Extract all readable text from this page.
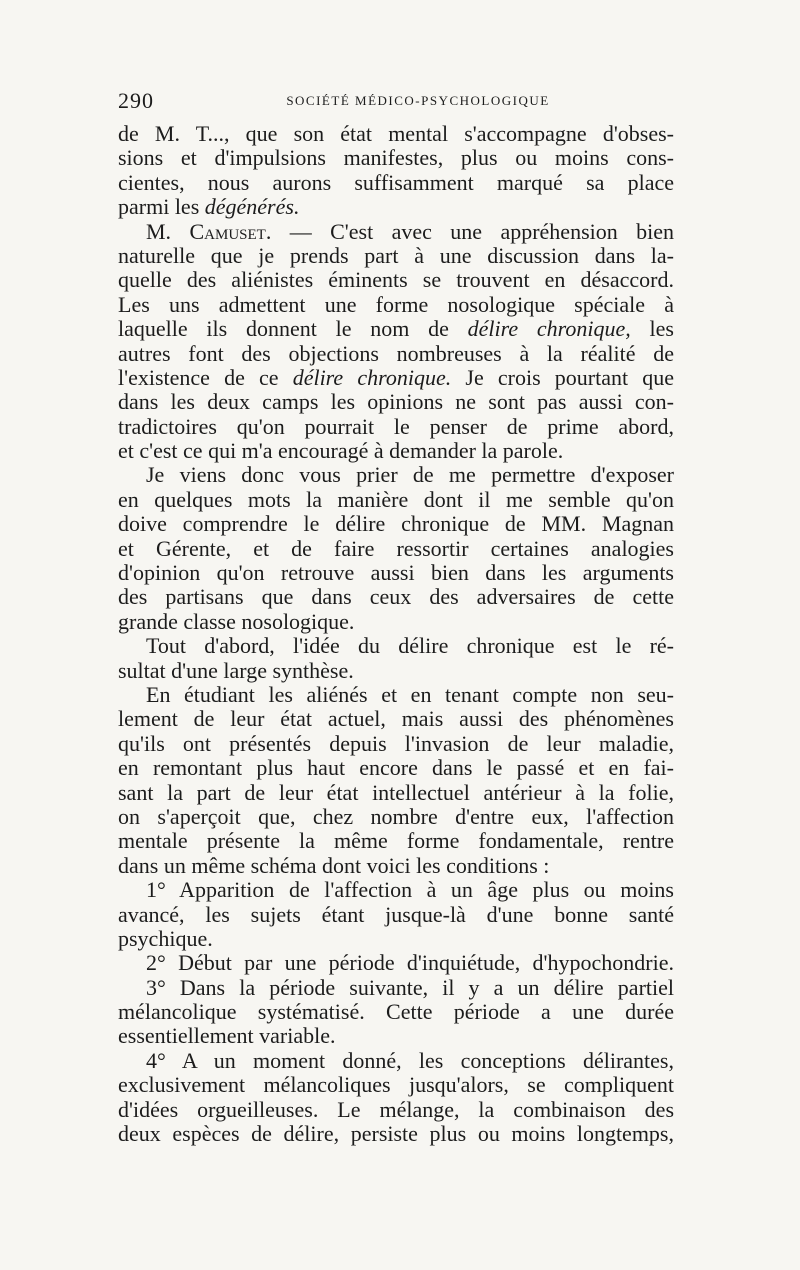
290	SOCIÉTÉ MÉDICO-PSYCHOLOGIQUE
de M. T..., que son état mental s'accompagne d'obses-
sions et d'impulsions manifestes, plus ou moins cons-
cientes, nous aurons suffisamment marqué sa place
parmi les dégénérés.
M. Camuset. — C'est avec une appréhension bien
naturelle que je prends part à une discussion dans la-
quelle des aliénistes éminents se trouvent en désaccord.
Les uns admettent une forme nosologique spéciale à
laquelle ils donnent le nom de délire chronique, les
autres font des objections nombreuses à la réalité de
l'existence de ce délire chronique. Je crois pourtant que
dans les deux camps les opinions ne sont pas aussi con-
tradictoires qu'on pourrait le penser de prime abord,
et c'est ce qui m'a encouragé à demander la parole.
Je viens donc vous prier de me permettre d'exposer
en quelques mots la manière dont il me semble qu'on
doive comprendre le délire chronique de MM. Magnan
et Gérente, et de faire ressortir certaines analogies
d'opinion qu'on retrouve aussi bien dans les arguments
des partisans que dans ceux des adversaires de cette
grande classe nosologique.
Tout d'abord, l'idée du délire chronique est le ré-
sultat d'une large synthèse.
En étudiant les aliénés et en tenant compte non seu-
lement de leur état actuel, mais aussi des phénomènes
qu'ils ont présentés depuis l'invasion de leur maladie,
en remontant plus haut encore dans le passé et en fai-
sant la part de leur état intellectuel antérieur à la folie,
on s'aperçoit que, chez nombre d'entre eux, l'affection
mentale présente la même forme fondamentale, rentre
dans un même schéma dont voici les conditions :
1° Apparition de l'affection à un âge plus ou moins
avancé, les sujets étant jusque-là d'une bonne santé
psychique.
2° Début par une période d'inquiétude, d'hypochondrie.
3° Dans la période suivante, il y a un délire partiel
mélancolique systématisé. Cette période a une durée
essentiellement variable.
4° A un moment donné, les conceptions délirantes,
exclusivement mélancoliques jusqu'alors, se compliquent
d'idées orgueilleuses. Le mélange, la combinaison des
deux espèces de délire, persiste plus ou moins longtemps,
